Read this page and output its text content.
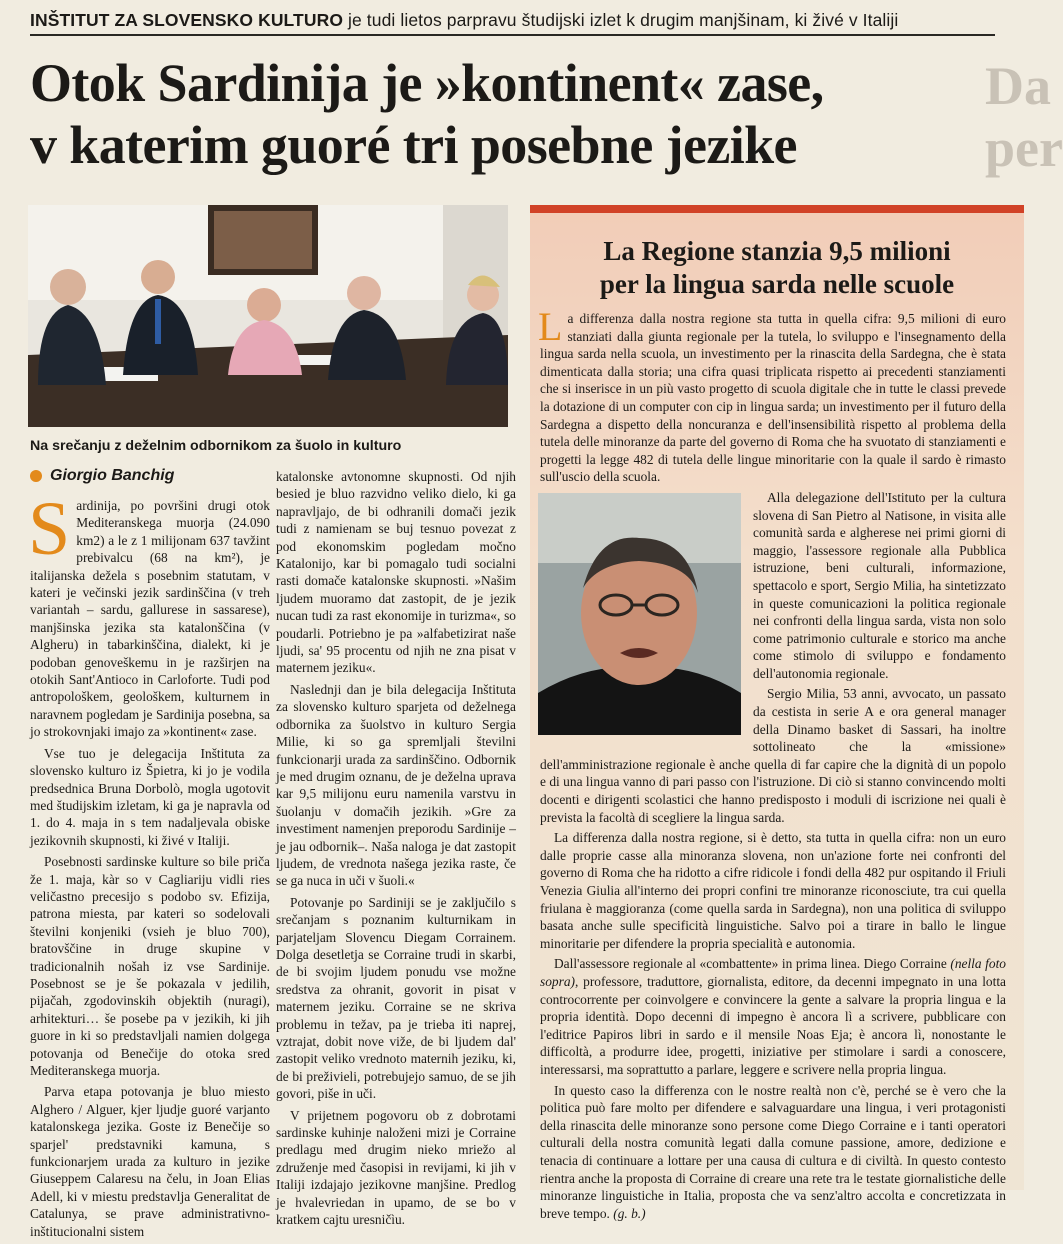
INŠTITUT ZA SLOVENSKO KULTURO je tudi lietos parpravu študijski izlet k drugim manjšinam, ki živé v Italiji
Otok Sardinija je »kontinent« zase,
v katerim guoré tri posebne jezike
Da
per
Na srečanju z deželnim odbornikom za šuolo in kulturo
Giorgio Banchig

Sardinija, po površini drugi otok Mediteranskega muorja (24.090 km2) a le z 1 milijonam 637 tavžint prebivalcu (68 na km²), je italijanska dežela s posebnim statutam, v kateri je večinski jezik sardinščina (v treh variantah – sardu, gallurese in sassarese), manjšinska jezika sta katalonščina (v Algheru) in tabarkinščina, dialekt, ki je podoban genoveškemu in je razširjen na otokih Sant'Antioco in Carloforte. Tudi pod antropološkem, geološkem, kulturnem in naravnem pogledam je Sardinija posebna, sa jo strokovnjaki imajo za »kontinent« zase.

Vse tuo je delegacija Inštituta za slovensko kulturo iz Špietra, ki jo je vodila predsednica Bruna Dorbolò, mogla ugotovit med študijskim izletam, ki ga je napravla od 1. do 4. maja in s tem nadaljevala obiske jezikovnih skupnosti, ki živé v Italiji.

Posebnosti sardinske kulture so bile priča že 1. maja, kàr so v Cagliariju vidli ries veličastno precesijo s podobo sv. Efizija, patrona miesta, par kateri so sodelovali številni konjeniki (vsieh je bluo 700), bratovščine in druge skupine v tradicionalnih nošah iz vse Sardinije. Posebnost se je še pokazala v jedilih, pijačah, zgodovinskih objektih (nuragi), arhitekturi… še posebe pa v jezikih, ki jih guore in ki so predstavljali namien dolgega potovanja od Benečije do otoka sred Mediteranskega muorja.

Parva etapa potovanja je bluo miesto Alghero / Alguer, kjer ljudje guoré varjanto katalonskega jezika. Goste iz Benečije so sparjel' predstavniki kamuna, s funkcionarjem urada za kulturo in jezike Giuseppem Calaresu na čelu, in Joan Elias Adell, ki v miestu predstavlja Generalitat de Catalunya, se prave administrativno-inštitucionalni sistem

katalonske avtonomne skupnosti. Od njih besied je bluo razvidno veliko dielo, ki ga napravljajo, de bi odhranili domači jezik tudi z namienam se buj tesnuo povezat z pod ekonomskim pogledam močno Katalonijo, kar bi pomagalo tudi socialni rasti domače katalonske skupnosti. »Našim ljudem muoramo dat zastopit, de je jezik nucan tudi za rast ekonomije in turizma«, so poudarli. Potriebno je pa »alfabetizirat naše ljudi, sa' 95 procentu od njih ne zna pisat v maternem jeziku«.

Naslednji dan je bila delegacija Inštituta za slovensko kulturo sparjeta od deželnega odbornika za šuolstvo in kulturo Sergia Milie, ki so ga spremljali številni funkcionarji urada za sardinščino. Odbornik je med drugim oznanu, de je deželna uprava kar 9,5 milijonu euru namenila varstvu in šuolanju v domačih jezikih. »Gre za investiment namenjen preporodu Sardinije – je jau odbornik–. Naša naloga je dat zastopit ljudem, de vrednota našega jezika raste, če se ga nuca in uči v šuoli.«

Potovanje po Sardiniji se je zaključilo s srečanjam s poznanim kulturnikam in parjateljam Slovencu Diegam Corrainem. Dolga desetletja se Corraine trudi in skarbi, de bi svojim ljudem ponudu vse možne sredstva za ohranit, govorit in pisat v maternem jeziku. Corraine se ne skriva problemu in težav, pa je trieba iti naprej, vztrajat, dobit nove viže, de bi ljudem dal' zastopit veliko vrednoto maternih jeziku, ki, de bi preživieli, potrebujejo samuo, de se jih govori, piše in uči.

V prijetnem pogovoru ob z dobrotami sardinske kuhinje naloženi mizi je Corraine predlagu med drugim nieko mriežo al združenje med časopisi in revijami, ki jih v Italiji izdajajo jezikovne manjšine. Predlog je hvalevriedan in upamo, de se bo v kratkem cajtu uresničìu.

La Regione stanzia 9,5 milioni
per la lingua sarda nelle scuole

La differenza dalla nostra regione sta tutta in quella cifra: 9,5 milioni di euro stanziati dalla giunta regionale per la tutela, lo sviluppo e l'insegnamento della lingua sarda nella scuola, un investimento per la rinascita della Sardegna, che è stata dimenticata dalla storia; una cifra quasi triplicata rispetto ai precedenti stanziamenti che si inserisce in un più vasto progetto di scuola digitale che in tutte le classi prevede la dotazione di un computer con cip in lingua sarda; un investimento per il futuro della Sardegna a dispetto della noncuranza e dell'insensibilità rispetto al problema della tutela delle minoranze da parte del governo di Roma che ha svuotato di stanziamenti e progetti la legge 482 di tutela delle lingue minoritarie con la quale il sardo è rimasto sull'uscio della scuola.

Alla delegazione dell'Istituto per la cultura slovena di San Pietro al Natisone, in visita alle comunità sarda e algherese nei primi giorni di maggio, l'assessore regionale alla Pubblica istruzione, beni culturali, informazione, spettacolo e sport, Sergio Milia, ha sintetizzato in queste comunicazioni la politica regionale nei confronti della lingua sarda, vista non solo come patrimonio culturale e storico ma anche come stimolo di sviluppo e fondamento dell'autonomia regionale.

Sergio Milia, 53 anni, avvocato, un passato da cestista in serie A e ora general manager della Dinamo basket di Sassari, ha inoltre sottolineato che la «missione» dell'amministrazione regionale è anche quella di far capire che la dignità di un popolo e di una lingua vanno di pari passo con l'istruzione. Di ciò si stanno convincendo molti docenti e dirigenti scolastici che hanno predisposto i moduli di iscrizione nei quali è prevista la facoltà di scegliere la lingua sarda.

La differenza dalla nostra regione, si è detto, sta tutta in quella cifra: non un euro dalle proprie casse alla minoranza slovena, non un'azione forte nei confronti del governo di Roma che ha ridotto a cifre ridicole i fondi della 482 pur ospitando il Friuli Venezia Giulia all'interno dei propri confini tre minoranze riconosciute, tra cui quella friulana è maggioranza (come quella sarda in Sardegna), non una politica di sviluppo basata anche sulle specificità linguistiche. Salvo poi a tirare in ballo le lingue minoritarie per difendere la propria specialità e autonomia.

Dall'assessore regionale al «combattente» in prima linea. Diego Corraine (nella foto sopra), professore, traduttore, giornalista, editore, da decenni impegnato in una lotta controcorrente per coinvolgere e convincere la gente a salvare la propria lingua e la propria identità. Dopo decenni di impegno è ancora lì a scrivere, pubblicare con l'editrice Papiros libri in sardo e il mensile Noas Eja; è ancora lì, nonostante le difficoltà, a produrre idee, progetti, iniziative per stimolare i sardi a conoscere, interessarsi, ma soprattutto a parlare, leggere e scrivere nella propria lingua.

In questo caso la differenza con le nostre realtà non c'è, perché se è vero che la politica può fare molto per difendere e salvaguardare una lingua, i veri protagonisti della rinascita delle minoranze sono persone come Diego Corraine e i tanti operatori culturali della nostra comunità legati dalla comune passione, amore, dedizione e tenacia di continuare a lottare per una causa di cultura e di civiltà. In questo contesto rientra anche la proposta di Corraine di creare una rete tra le testate giornalistiche delle minoranze linguistiche in Italia, proposta che va senz'altro accolta e concretizzata in breve tempo. (g. b.)
